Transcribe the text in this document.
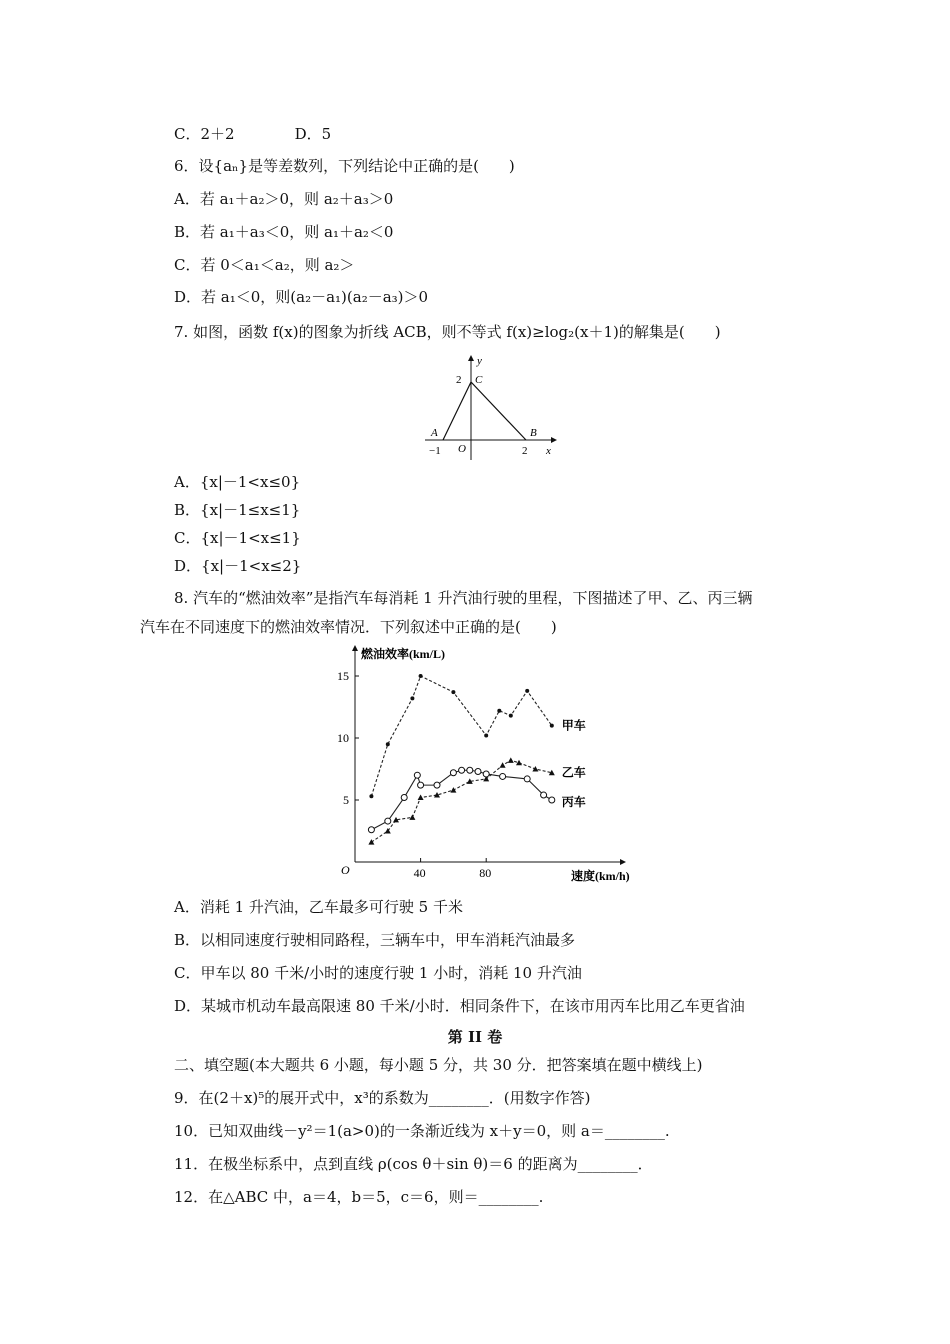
C．2＋2　　　　D．5
6．设{aₙ}是等差数列，下列结论中正确的是(　　)
A．若 a₁＋a₂＞0，则 a₂＋a₃＞0
B．若 a₁＋a₃＜0，则 a₁＋a₂＜0
C．若 0＜a₁＜a₂，则 a₂＞
D．若 a₁＜0，则(a₂－a₁)(a₂－a₃)＞0
7. 如图，函数 f(x)的图象为折线 ACB，则不等式 f(x)≥log₂(x＋1)的解集是(　　)
y
x
C
A	B
O
2
−1	2
A．{x|－1<x≤0}
B．{x|－1≤x≤1}
C．{x|－1<x≤1}
D．{x|－1<x≤2}
8. 汽车的“燃油效率”是指汽车每消耗 1 升汽油行驶的里程，下图描述了甲、乙、丙三辆
汽车在不同速度下的燃油效率情况．下列叙述中正确的是(　　)
燃油效率(km/L)
速度(km/h)
O	40	80
5
10
15
甲车
乙车
丙车
A．消耗 1 升汽油，乙车最多可行驶 5 千米
B．以相同速度行驶相同路程，三辆车中，甲车消耗汽油最多
C．甲车以 80 千米/小时的速度行驶 1 小时，消耗 10 升汽油
D．某城市机动车最高限速 80 千米/小时．相同条件下，在该市用丙车比用乙车更省油
第 II 卷
二、填空题(本大题共 6 小题，每小题 5 分，共 30 分．把答案填在题中横线上)
9．在(2＋x)⁵的展开式中，x³的系数为________．(用数字作答)
10．已知双曲线－y²＝1(a>0)的一条渐近线为 x＋y＝0，则 a＝________.
11．在极坐标系中，点到直线 ρ(cos θ＋sin θ)＝6 的距离为________．
12．在△ABC 中，a＝4，b＝5，c＝6，则＝________.
